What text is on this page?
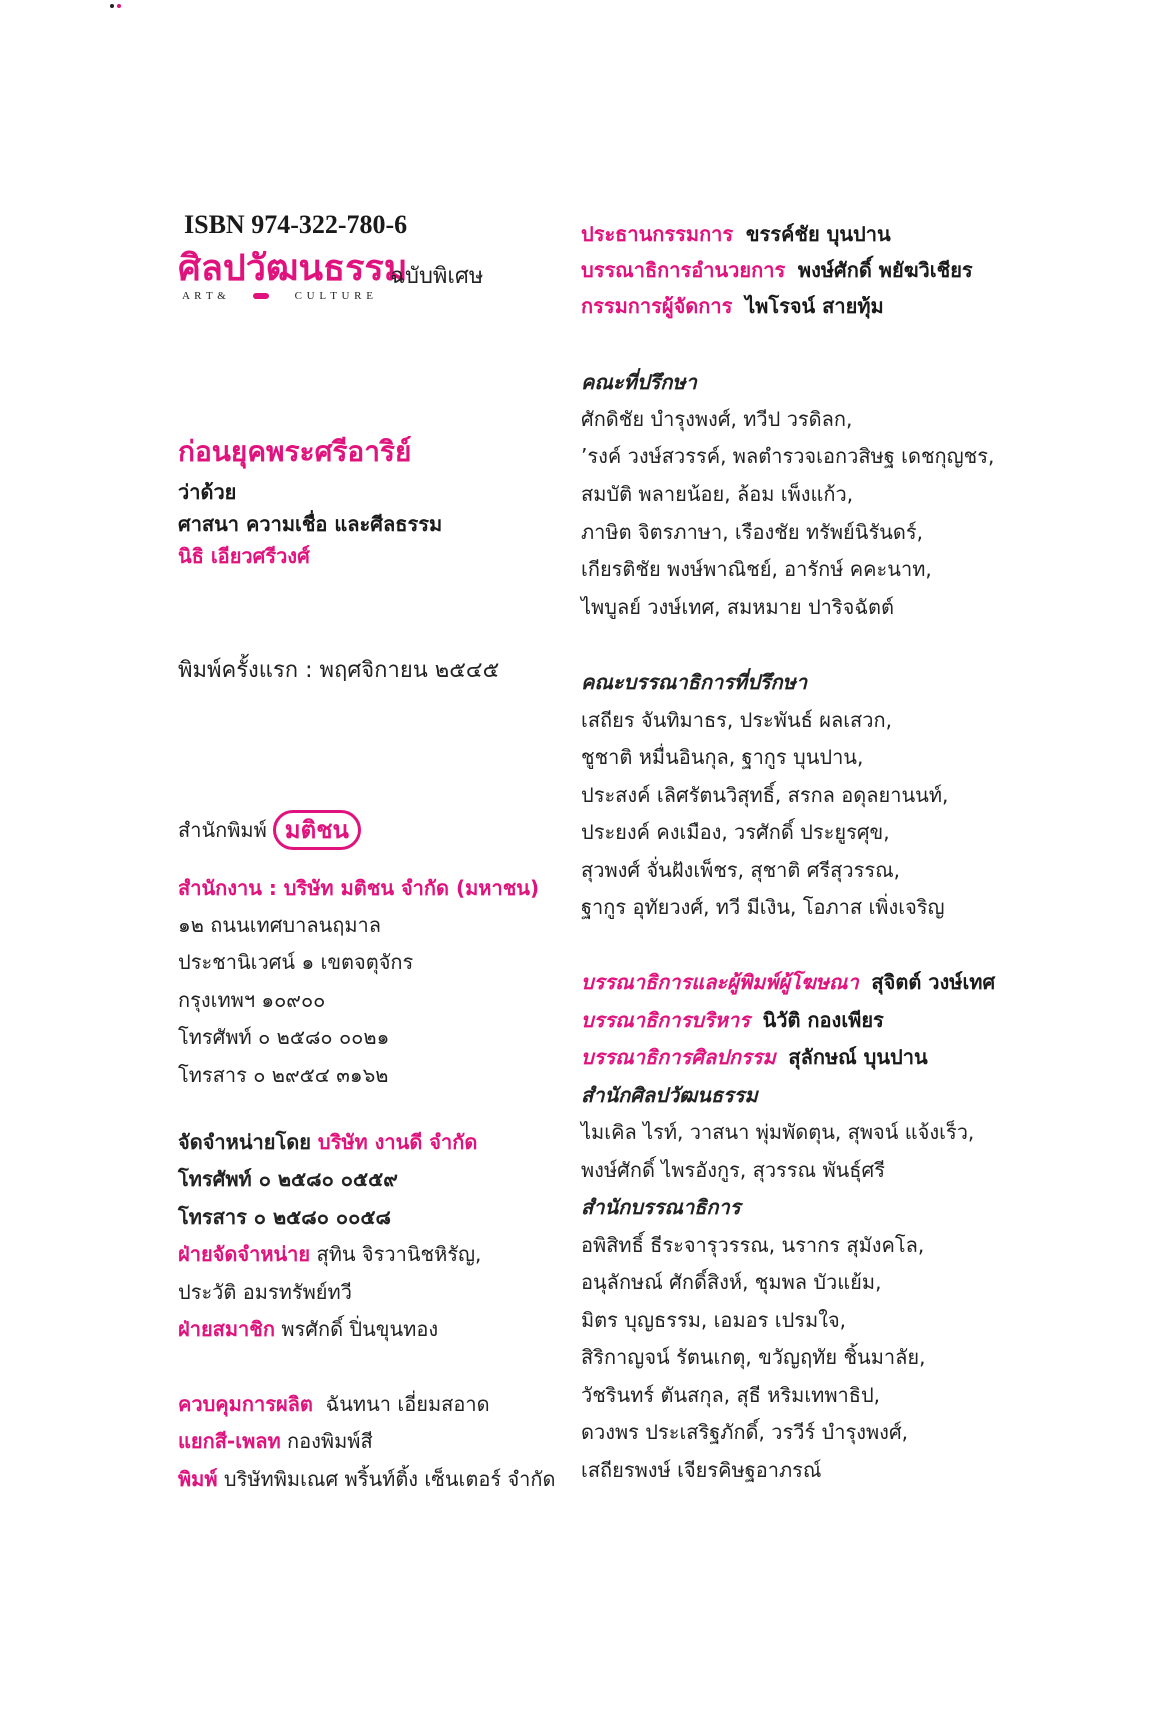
ISBN 974-322-780-6
ศิลปวัฒนธรรม
A R T &	C U L T U R E
ฉบับพิเศษ
ก่อนยุคพระศรีอาริย์
ว่าด้วย
ศาสนา ความเชื่อ และศีลธรรม
นิธิ เอียวศรีวงศ์
พิมพ์ครั้งแรก : พฤศจิกายน ๒๕๔๕
สำนักพิมพ์ มติชน
สำนักงาน : บริษัท มติชน จำกัด (มหาชน)
๑๒ ถนนเทศบาลนฤมาล
ประชานิเวศน์ ๑ เขตจตุจักร
กรุงเทพฯ ๑๐๙๐๐
โทรศัพท์ ๐ ๒๕๘๐ ๐๐๒๑
โทรสาร ๐ ๒๙๕๔ ๓๑๖๒
จัดจำหน่ายโดย บริษัท งานดี จำกัด
โทรศัพท์ ๐ ๒๕๘๐ ๐๕๕๙
โทรสาร ๐ ๒๕๘๐ ๐๐๕๘
ฝ่ายจัดจำหน่าย สุทิน จิรวานิชหิรัญ,
ประวัติ อมรทรัพย์ทวี
ฝ่ายสมาชิก พรศักดิ์ ปิ่นขุนทอง
ควบคุมการผลิต ฉันทนา เอี่ยมสอาด
แยกสี-เพลท กองพิมพ์สี
พิมพ์ บริษัทพิมเณศ พริ้นท์ติ้ง เซ็นเตอร์ จำกัด
ประธานกรรมการ ขรรค์ชัย บุนปาน
บรรณาธิการอำนวยการ พงษ์ศักดิ์ พยัฆวิเชียร
กรรมการผู้จัดการ ไพโรจน์ สายทุ้ม
คณะที่ปรึกษา
ศักดิชัย บำรุงพงศ์, ทวีป วรดิลก,
’รงค์ วงษ์สวรรค์, พลตำรวจเอกวสิษฐ เดชกุญชร,
สมบัติ พลายน้อย, ล้อม เพ็งแก้ว,
ภาษิต จิตรภาษา, เรืองชัย ทรัพย์นิรันดร์,
เกียรติชัย พงษ์พาณิชย์, อารักษ์ คคะนาท,
ไพบูลย์ วงษ์เทศ, สมหมาย ปาริจฉัตต์
คณะบรรณาธิการที่ปรึกษา
เสถียร จันทิมาธร, ประพันธ์ ผลเสวก,
ชูชาติ หมื่นอินกุล, ฐากูร บุนปาน,
ประสงค์ เลิศรัตนวิสุทธิ์, สรกล อดุลยานนท์,
ประยงค์ คงเมือง, วรศักดิ์ ประยูรศุข,
สุวพงศ์ จั่นฝังเพ็ชร, สุชาติ ศรีสุวรรณ,
ฐากูร อุทัยวงศ์, ทวี มีเงิน, โอภาส เพิ่งเจริญ
บรรณาธิการและผู้พิมพ์ผู้โฆษณา สุจิตต์ วงษ์เทศ
บรรณาธิการบริหาร นิวัติ กองเพียร
บรรณาธิการศิลปกรรม สุลักษณ์ บุนปาน
สำนักศิลปวัฒนธรรม
ไมเคิล ไรท์, วาสนา พุ่มพัดตุน, สุพจน์ แจ้งเร็ว,
พงษ์ศักดิ์ ไพรอังกูร, สุวรรณ พันธุ์ศรี
สำนักบรรณาธิการ
อพิสิทธิ์ ธีระจารุวรรณ, นรากร สุมังคโล,
อนุลักษณ์ ศักดิ์สิงห์, ชุมพล บัวแย้ม,
มิตร บุญธรรม, เอมอร เปรมใจ,
สิริกาญจน์ รัตนเกตุ, ขวัญฤทัย ชิ้นมาลัย,
วัชรินทร์ ตันสกุล, สุธี หริมเทพาธิป,
ดวงพร ประเสริฐภักดิ์, วรวีร์ บำรุงพงศ์,
เสถียรพงษ์ เจียรคิษฐอาภรณ์
